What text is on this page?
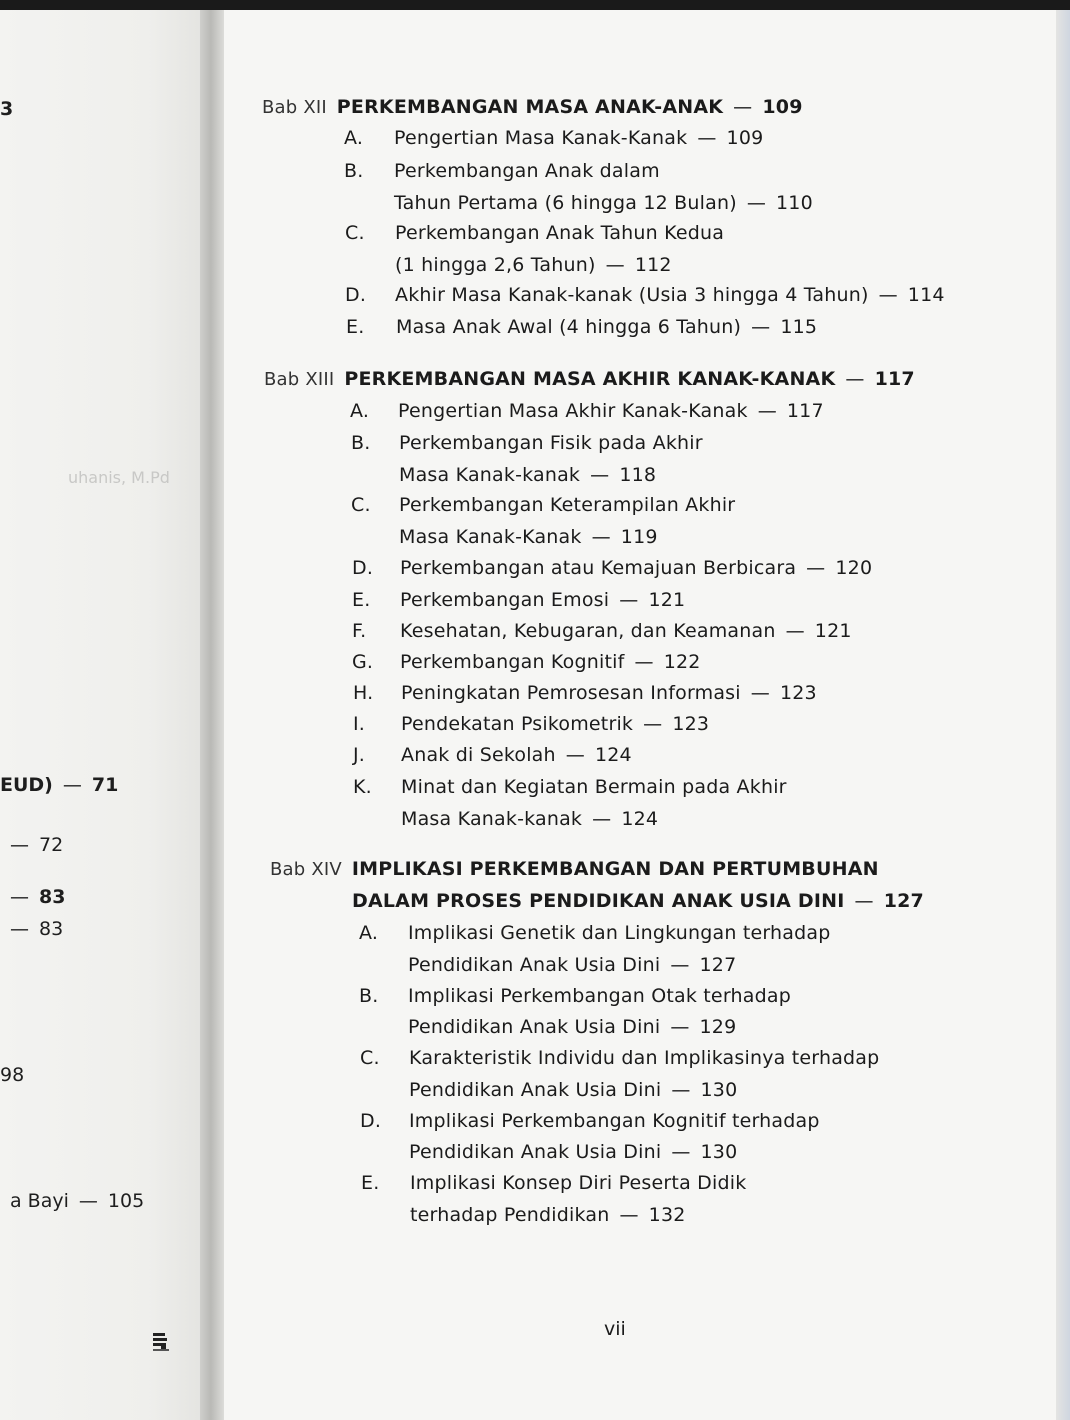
3
uhanis, M.Pd
EUD) — 71
— 72
— 83
— 83
98
a Bayi — 105
Bab XII PERKEMBANGAN MASA ANAK-ANAK — 109
A. Pengertian Masa Kanak-Kanak — 109
B. Perkembangan Anak dalam
Tahun Pertama (6 hingga 12 Bulan) — 110
C. Perkembangan Anak Tahun Kedua
(1 hingga 2,6 Tahun) — 112
D. Akhir Masa Kanak-kanak (Usia 3 hingga 4 Tahun) — 114
E. Masa Anak Awal (4 hingga 6 Tahun) — 115
Bab XIII PERKEMBANGAN MASA AKHIR KANAK-KANAK — 117
A. Pengertian Masa Akhir Kanak-Kanak — 117
B. Perkembangan Fisik pada Akhir
Masa Kanak-kanak — 118
C. Perkembangan Keterampilan Akhir
Masa Kanak-Kanak — 119
D. Perkembangan atau Kemajuan Berbicara — 120
E. Perkembangan Emosi — 121
F. Kesehatan, Kebugaran, dan Keamanan — 121
G. Perkembangan Kognitif — 122
H. Peningkatan Pemrosesan Informasi — 123
I. Pendekatan Psikometrik — 123
J. Anak di Sekolah — 124
K. Minat dan Kegiatan Bermain pada Akhir
Masa Kanak-kanak — 124
Bab XIV IMPLIKASI PERKEMBANGAN DAN PERTUMBUHAN
DALAM PROSES PENDIDIKAN ANAK USIA DINI — 127
A. Implikasi Genetik dan Lingkungan terhadap
Pendidikan Anak Usia Dini — 127
B. Implikasi Perkembangan Otak terhadap
Pendidikan Anak Usia Dini — 129
C. Karakteristik Individu dan Implikasinya terhadap
Pendidikan Anak Usia Dini — 130
D. Implikasi Perkembangan Kognitif terhadap
Pendidikan Anak Usia Dini — 130
E. Implikasi Konsep Diri Peserta Didik
terhadap Pendidikan — 132
vii
